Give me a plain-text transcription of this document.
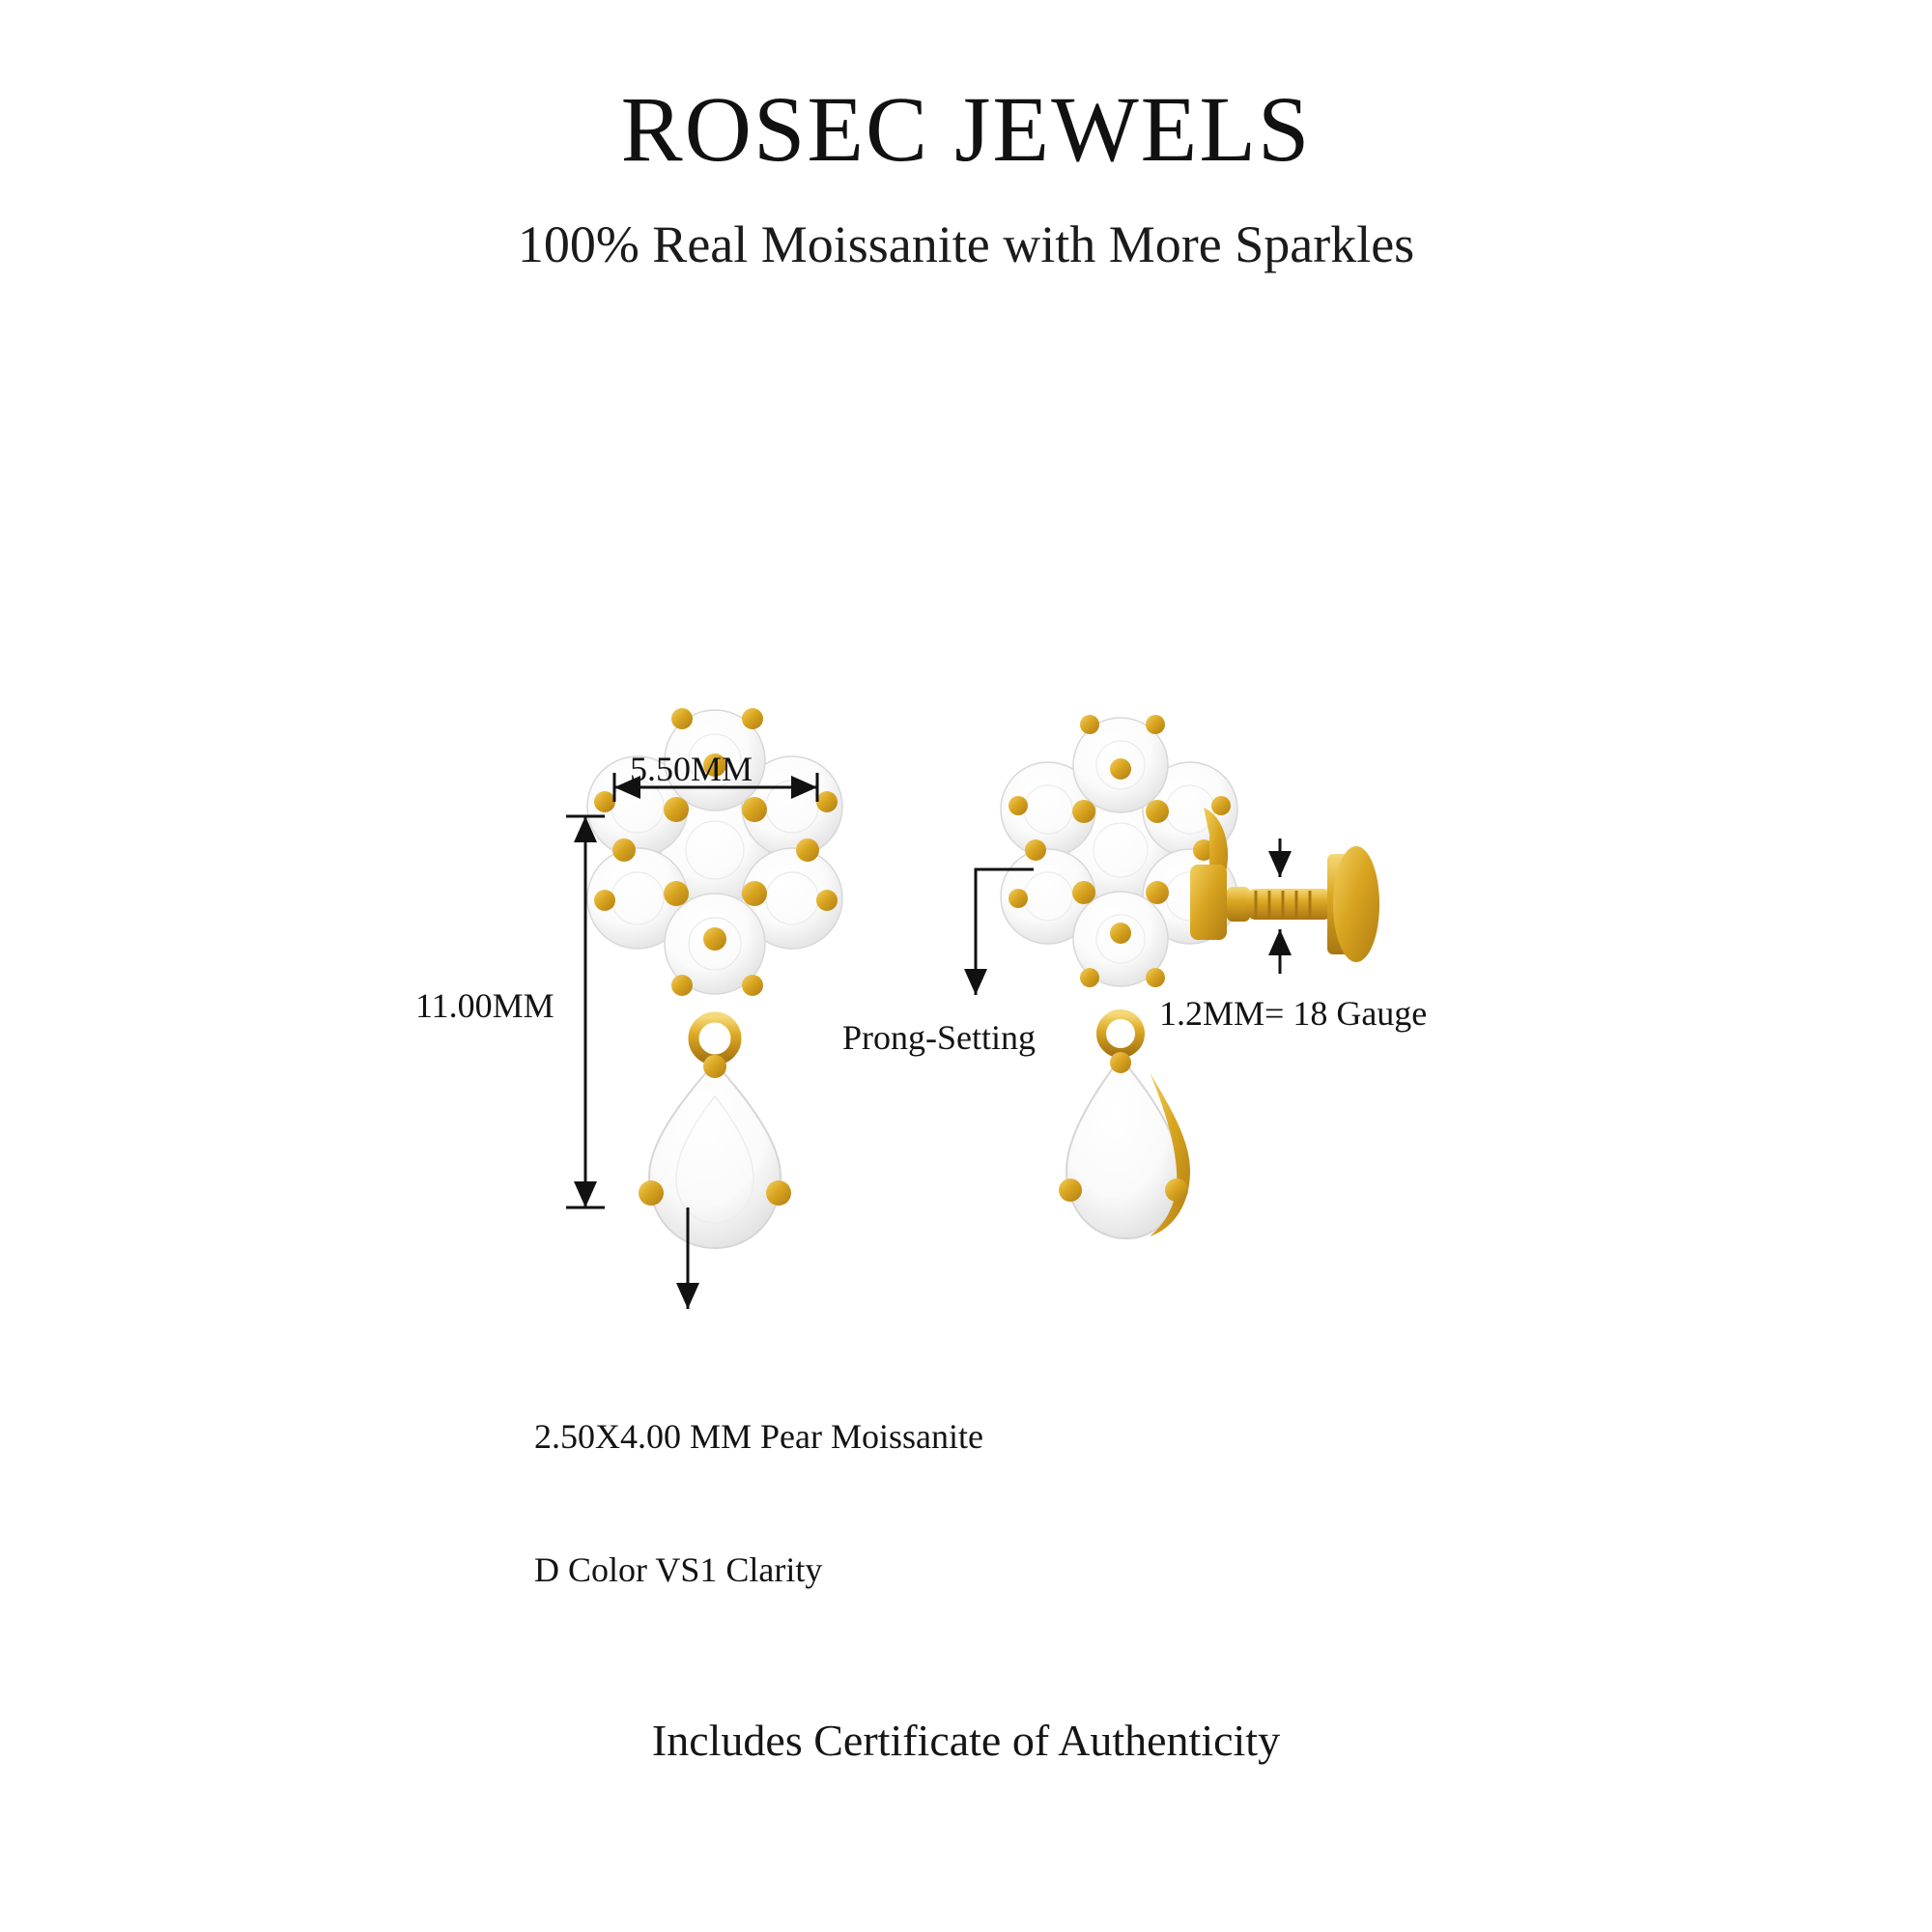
ROSEC JEWELS
100% Real Moissanite with More Sparkles
5.50MM
11.00MM
Prong-Setting
1.2MM= 18 Gauge

2.50X4.00 MM Pear Moissanite

D Color VS1 Clarity

Includes Certificate of Authenticity
